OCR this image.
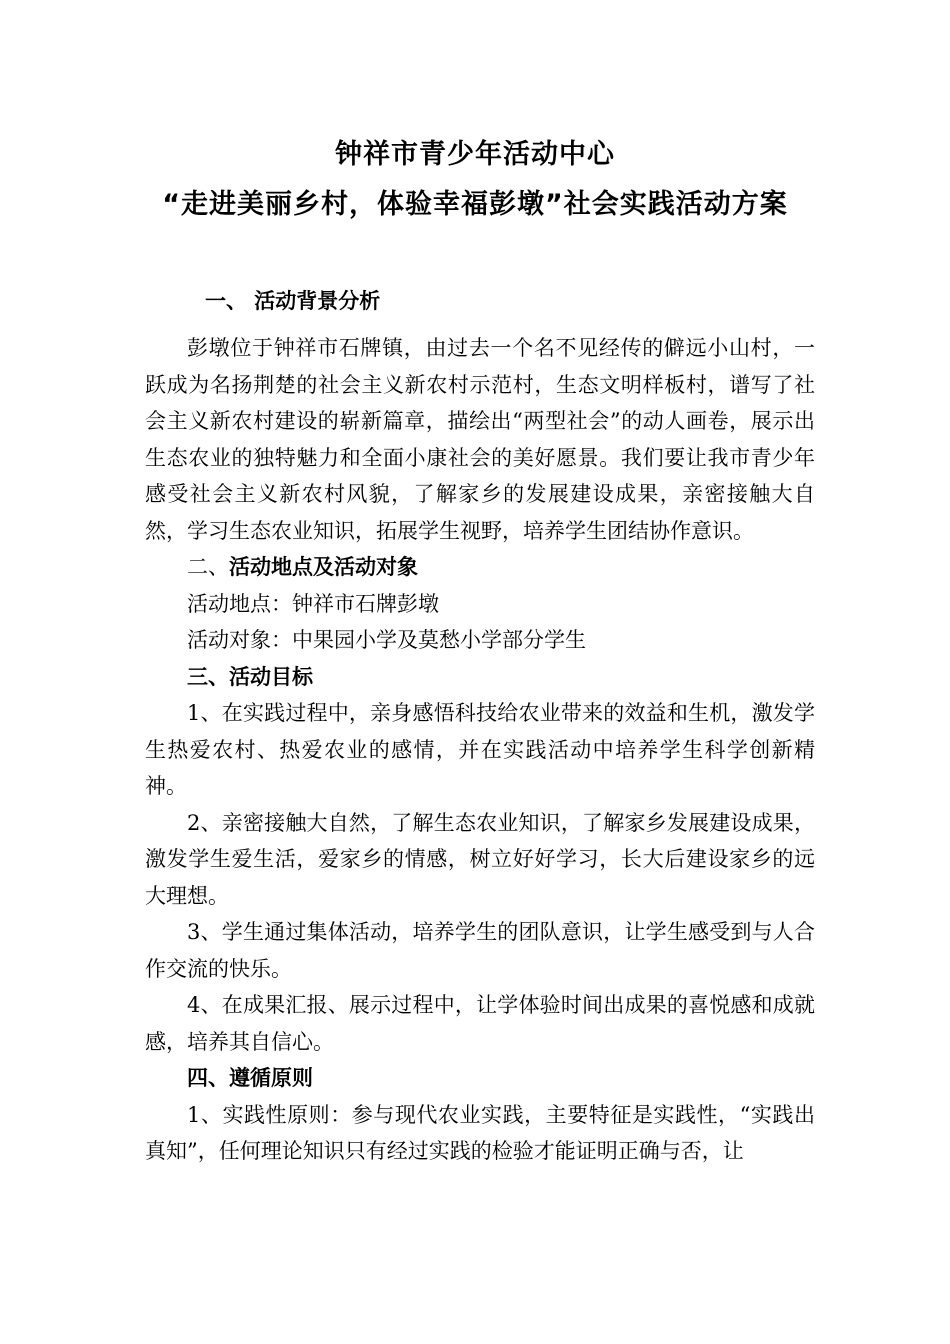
钟祥市青少年活动中心
“走进美丽乡村，体验幸福彭墩”社会实践活动方案
一、 活动背景分析

彭墩位于钟祥市石牌镇，由过去一个名不见经传的僻远小山村，一跃成为名扬荆楚的社会主义新农村示范村，生态文明样板村，谱写了社会主义新农村建设的崭新篇章，描绘出“两型社会”的动人画卷，展示出生态农业的独特魅力和全面小康社会的美好愿景。我们要让我市青少年感受社会主义新农村风貌，了解家乡的发展建设成果，亲密接触大自然，学习生态农业知识，拓展学生视野，培养学生团结协作意识。

二、活动地点及活动对象

活动地点：钟祥市石牌彭墩

活动对象：中果园小学及莫愁小学部分学生

三、活动目标

1、在实践过程中，亲身感悟科技给农业带来的效益和生机，激发学生热爱农村、热爱农业的感情，并在实践活动中培养学生科学创新精神。

2、亲密接触大自然，了解生态农业知识，了解家乡发展建设成果，激发学生爱生活，爱家乡的情感，树立好好学习，长大后建设家乡的远大理想。

3、学生通过集体活动，培养学生的团队意识，让学生感受到与人合作交流的快乐。

4、在成果汇报、展示过程中，让学体验时间出成果的喜悦感和成就感，培养其自信心。

四、遵循原则

1、实践性原则：参与现代农业实践，主要特征是实践性，“实践出真知”，任何理论知识只有经过实践的检验才能证明正确与否，让
